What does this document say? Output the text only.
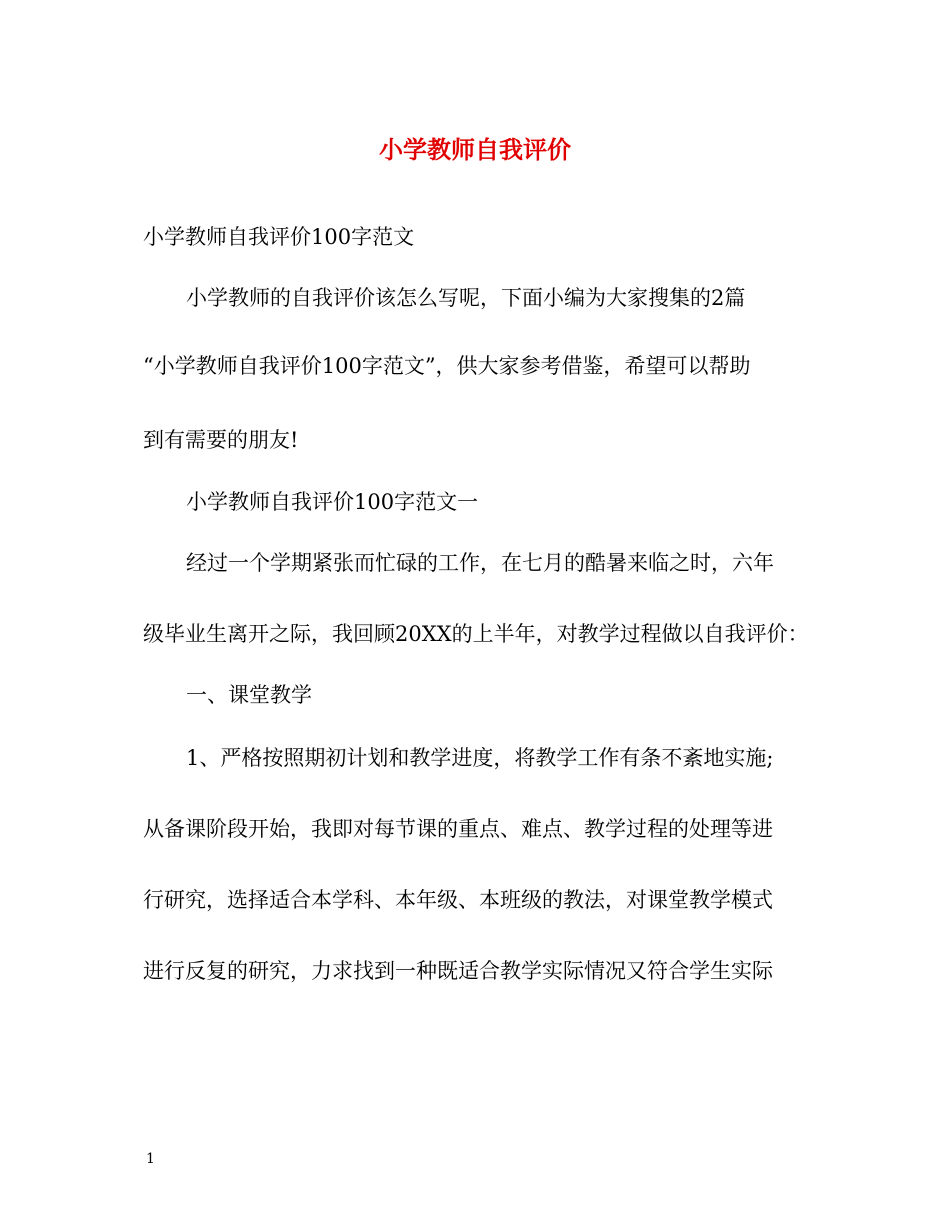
小学教师自我评价
小学教师自我评价100字范文
小学教师的自我评价该怎么写呢，下面小编为大家搜集的2篇
“小学教师自我评价100字范文”，供大家参考借鉴，希望可以帮助
到有需要的朋友!
小学教师自我评价100字范文一
经过一个学期紧张而忙碌的工作，在七月的酷暑来临之时，六年
级毕业生离开之际，我回顾20XX的上半年，对教学过程做以自我评价：
一、课堂教学
1、严格按照期初计划和教学进度，将教学工作有条不紊地实施;
从备课阶段开始，我即对每节课的重点、难点、教学过程的处理等进
行研究，选择适合本学科、本年级、本班级的教法，对课堂教学模式
进行反复的研究，力求找到一种既适合教学实际情况又符合学生实际
1
